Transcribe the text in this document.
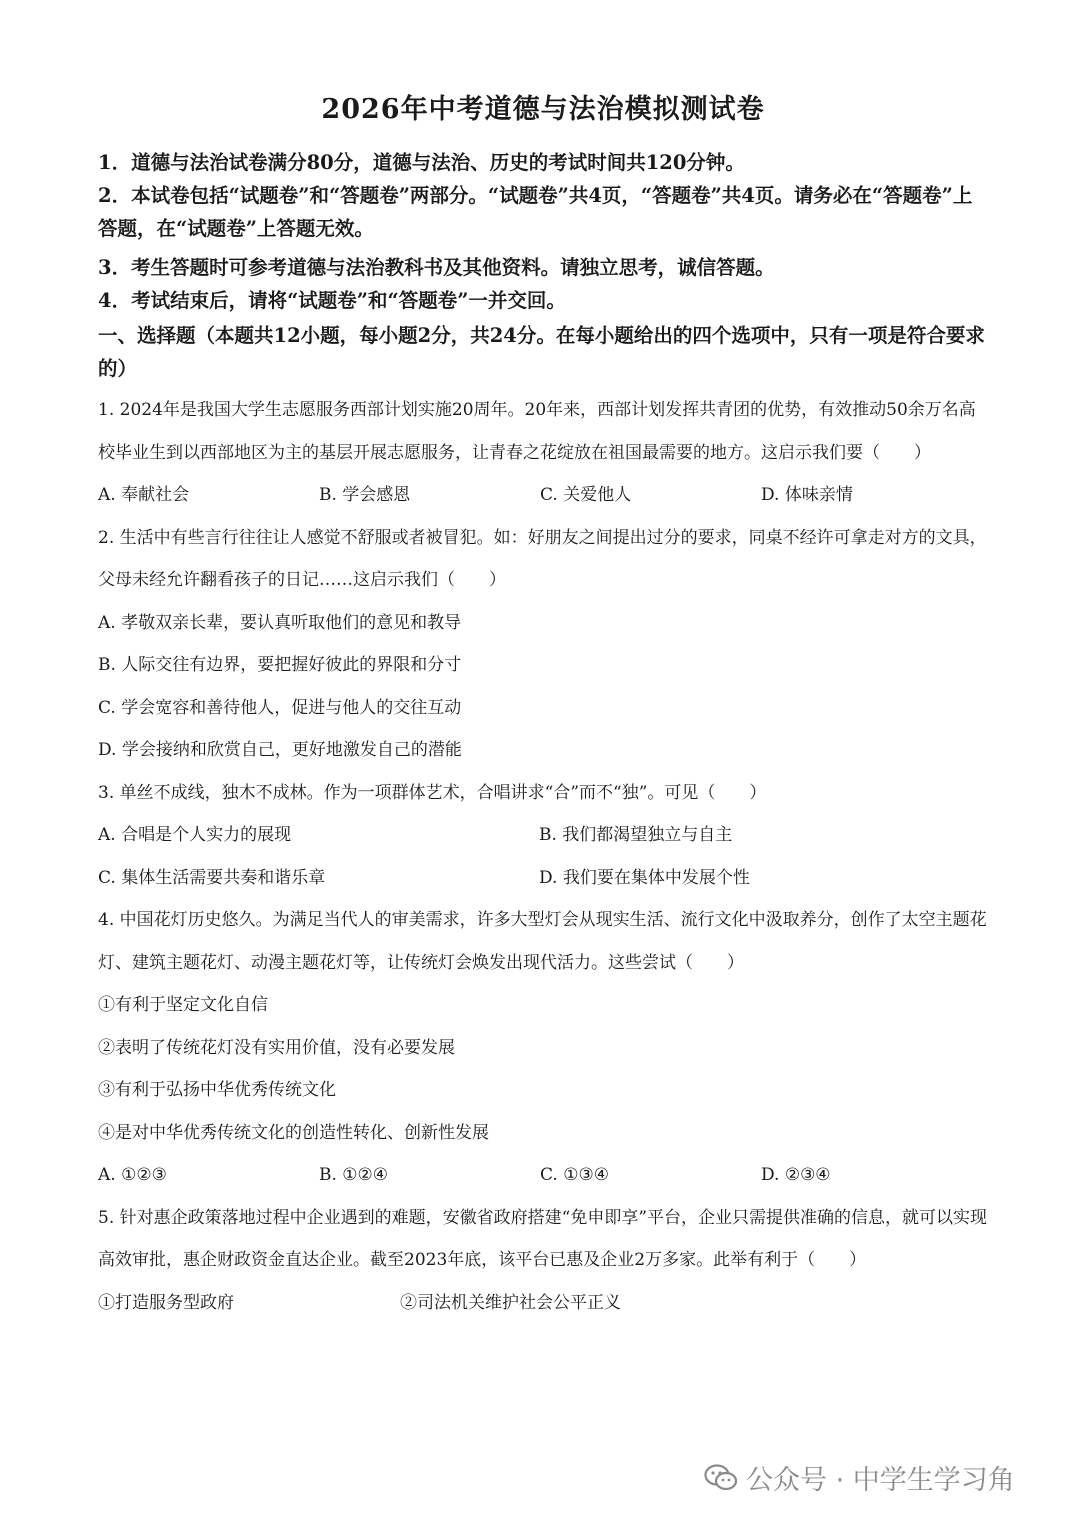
2026年中考道德与法治模拟测试卷

1．道德与法治试卷满分80分，道德与法治、历史的考试时间共120分钟。

2．本试卷包括“试题卷”和“答题卷”两部分。“试题卷”共4页，“答题卷”共4页。请务必在“答题卷”上答题，在“试题卷”上答题无效。

3．考生答题时可参考道德与法治教科书及其他资料。请独立思考，诚信答题。

4．考试结束后，请将“试题卷”和“答题卷”一并交回。

一、选择题（本题共12小题，每小题2分，共24分。在每小题给出的四个选项中，只有一项是符合要求的）

1. 2024年是我国大学生志愿服务西部计划实施20周年。20年来，西部计划发挥共青团的优势，有效推动50余万名高校毕业生到以西部地区为主的基层开展志愿服务，让青春之花绽放在祖国最需要的地方。这启示我们要（　　）

A. 奉献社会	B. 学会感恩	C. 关爱他人	D. 体味亲情

2. 生活中有些言行往往让人感觉不舒服或者被冒犯。如：好朋友之间提出过分的要求，同桌不经许可拿走对方的文具，父母未经允许翻看孩子的日记……这启示我们（　　）

A. 孝敬双亲长辈，要认真听取他们的意见和教导

B. 人际交往有边界，要把握好彼此的界限和分寸

C. 学会宽容和善待他人，促进与他人的交往互动

D. 学会接纳和欣赏自己，更好地激发自己的潜能

3. 单丝不成线，独木不成林。作为一项群体艺术，合唱讲求“合”而不“独”。可见（　　）

A. 合唱是个人实力的展现	B. 我们都渴望独立与自主
C. 集体生活需要共奏和谐乐章	D. 我们要在集体中发展个性

4. 中国花灯历史悠久。为满足当代人的审美需求，许多大型灯会从现实生活、流行文化中汲取养分，创作了太空主题花灯、建筑主题花灯、动漫主题花灯等，让传统灯会焕发出现代活力。这些尝试（　　）

①有利于坚定文化自信

②表明了传统花灯没有实用价值，没有必要发展

③有利于弘扬中华优秀传统文化

④是对中华优秀传统文化的创造性转化、创新性发展

A. ①②③	B. ①②④	C. ①③④	D. ②③④

5. 针对惠企政策落地过程中企业遇到的难题，安徽省政府搭建“免申即享”平台，企业只需提供准确的信息，就可以实现高效审批，惠企财政资金直达企业。截至2023年底，该平台已惠及企业2万多家。此举有利于（　　）

①打造服务型政府	②司法机关维护社会公平正义
公众号 · 中学生学习角
